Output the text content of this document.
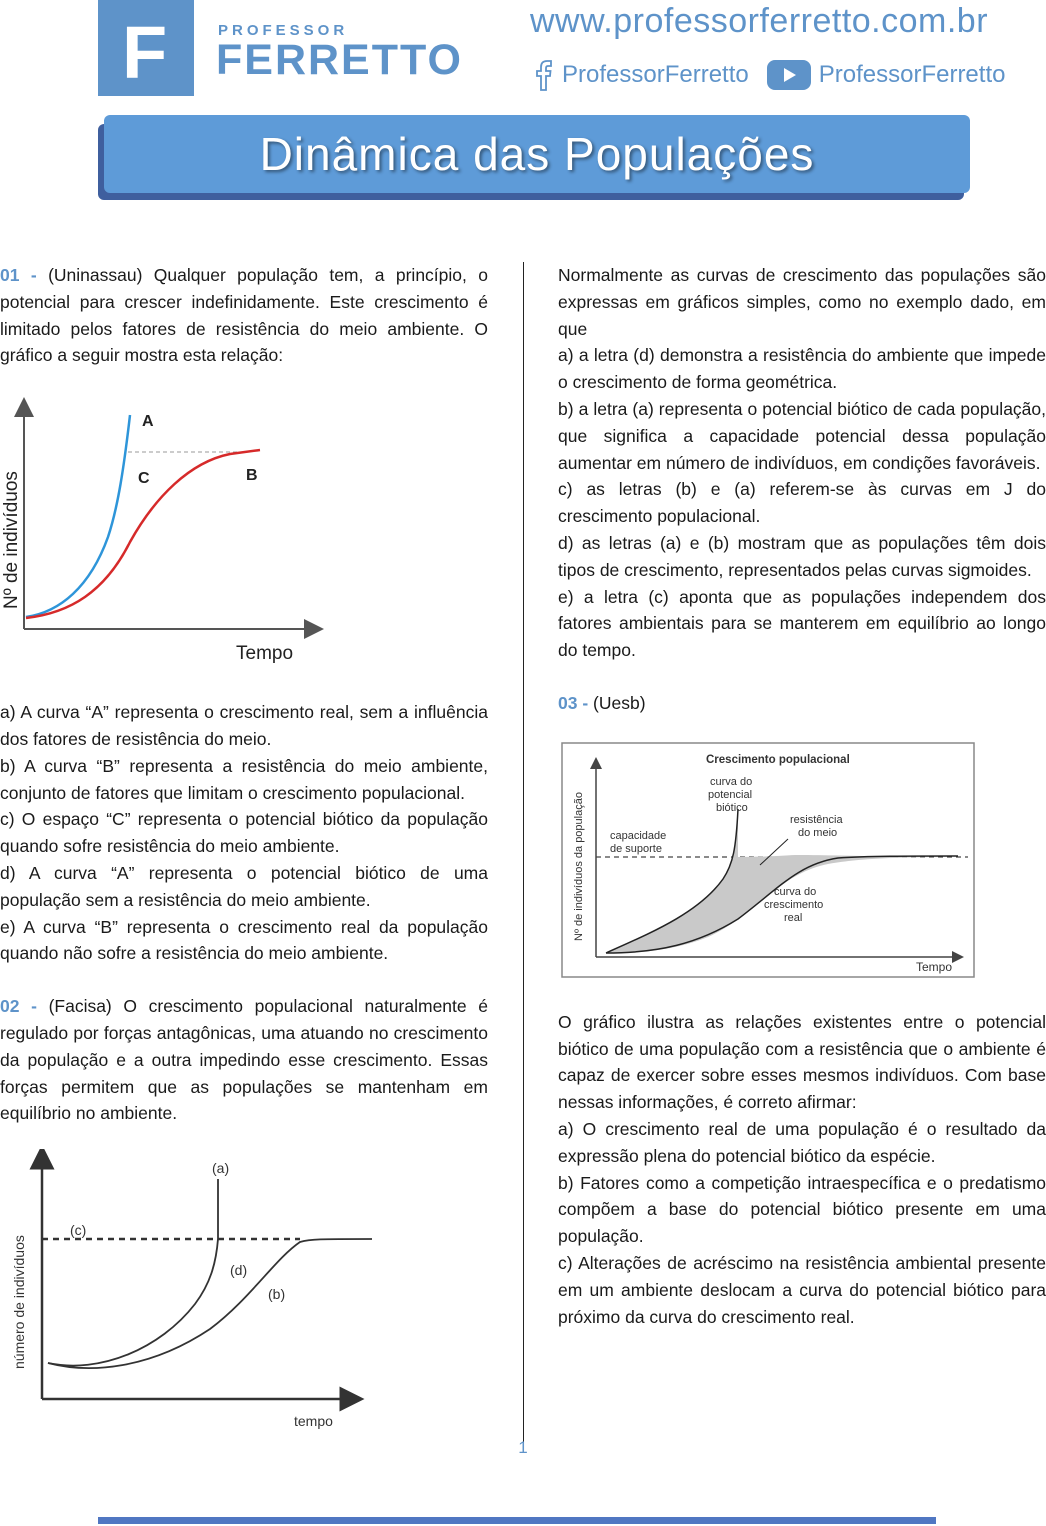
F	PROFESSOR
FERRETTO
www.professorferretto.com.br
ProfessorFerretto	ProfessorFerretto
Dinâmica das Populações

01 - (Uninassau) Qualquer população tem, a princípio, o potencial para crescer indefinidamente. Este crescimento é limitado pelos fatores de resistência do meio ambiente. O gráfico a seguir mostra esta relação:

A
C	B
Nº de indivíduos
Tempo

a) A curva “A” representa o crescimento real, sem a influência dos fatores de resistência do meio.

b) A curva “B” representa a resistência do meio ambiente, conjunto de fatores que limitam o crescimento populacional.

c) O espaço “C” representa o potencial biótico da população quando sofre resistência do meio ambiente.

d) A curva “A” representa o potencial biótico de uma população sem a resistência do meio ambiente.

e) A curva “B” representa o crescimento real da população quando não sofre a resistência do meio ambiente.

02 - (Facisa) O crescimento populacional naturalmente é regulado por forças antagônicas, uma atuando no crescimento da população e a outra impedindo esse crescimento. Essas forças permitem que as populações se mantenham em equilíbrio no ambiente.

(a)
(c)
(d)
(b)
número de indivíduos
tempo

Normalmente as curvas de crescimento das populações são expressas em gráficos simples, como no exemplo dado, em que

a) a letra (d) demonstra a resistência do ambiente que impede o crescimento de forma geométrica.

b) a letra (a) representa o potencial biótico de cada população, que significa a capacidade potencial dessa população aumentar em número de indivíduos, em condições favoráveis.

c) as letras (b) e (a) referem-se às curvas em J do crescimento populacional.

d) as letras (a) e (b) mostram que as populações têm dois tipos de crescimento, representados pelas curvas sigmoides.

e) a letra (c) aponta que as populações independem dos fatores ambientais para se manterem em equilíbrio ao longo do tempo.

03 - (Uesb)

Crescimento populacional
curva do
potencial
biótico
resistência
do meio
capacidade
de suporte
curva do
crescimento
real
Nº de indivíduos da população
Tempo

O gráfico ilustra as relações existentes entre o potencial biótico de uma população com a resistência que o ambiente é capaz de exercer sobre esses mesmos indivíduos. Com base nessas informações, é correto afirmar:

a) O crescimento real de uma população é o resultado da expressão plena do potencial biótico da espécie.

b) Fatores como a competição intraespecífica e o predatismo compõem a base do potencial biótico presente em uma população.

c) Alterações de acréscimo na resistência ambiental presente em um ambiente deslocam a curva do potencial biótico para próximo da curva do crescimento real.

1
